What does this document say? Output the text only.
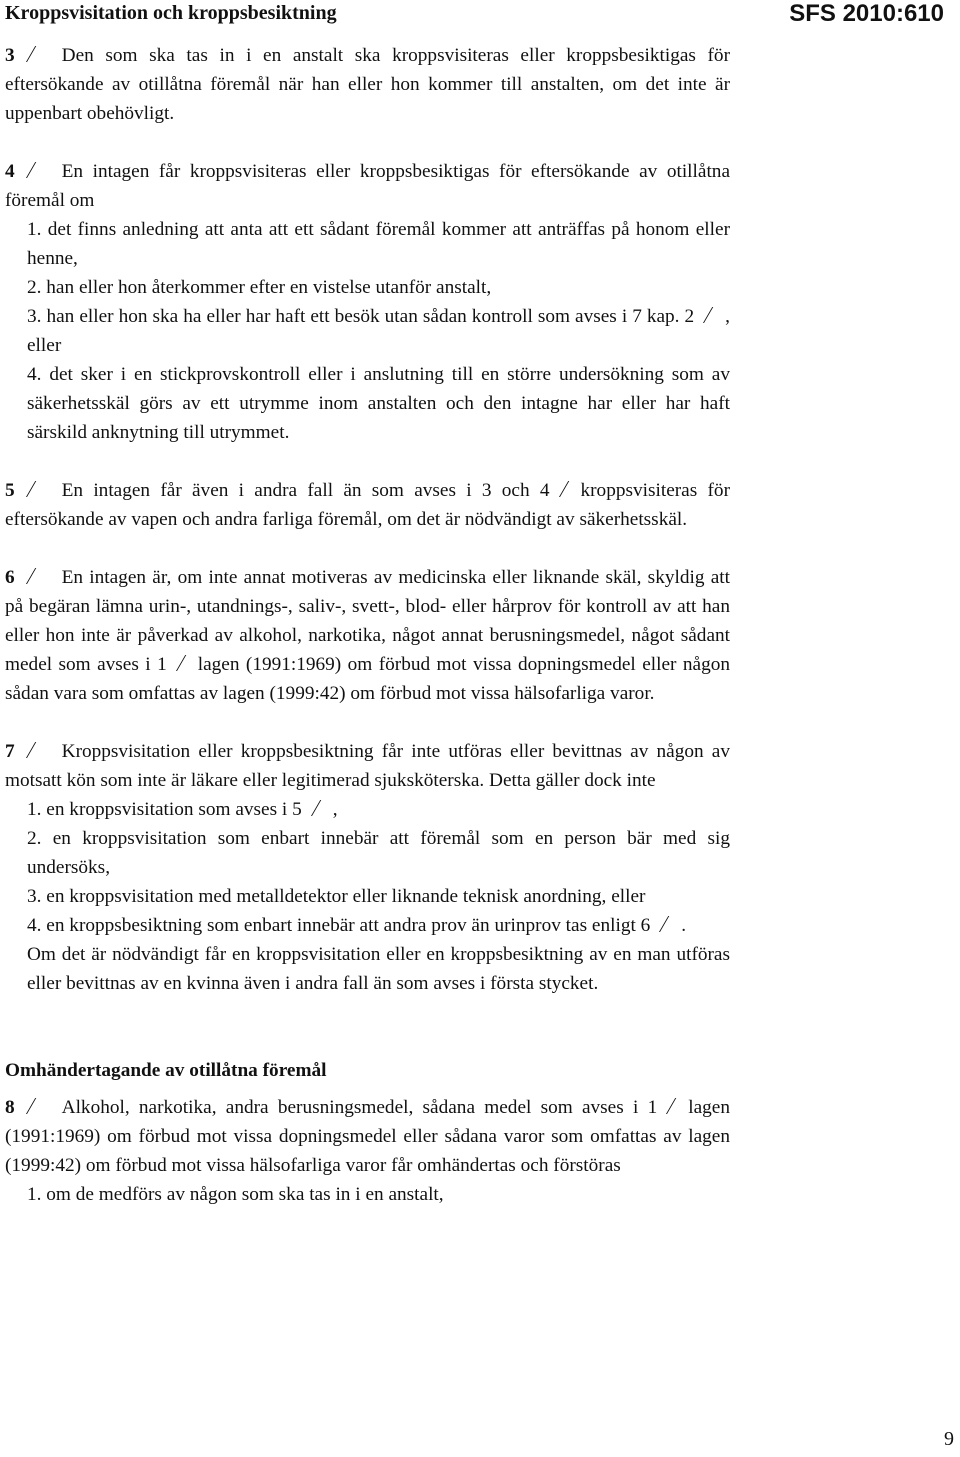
Kroppsvisitation och kroppsbesiktning	SFS 2010:610

3 Den som ska tas in i en anstalt ska kroppsvisiteras eller kroppsbesiktigas för eftersökande av otillåtna föremål när han eller hon kommer till anstalten, om det inte är uppenbart obehövligt.

4 En intagen får kroppsvisiteras eller kroppsbesiktigas för eftersökande av otillåtna föremål om

1. det finns anledning att anta att ett sådant föremål kommer att anträffas på honom eller henne,

2. han eller hon återkommer efter en vistelse utanför anstalt,

3. han eller hon ska ha eller har haft ett besök utan sådan kontroll som avses i 7 kap. 2 , eller

4. det sker i en stickprovskontroll eller i anslutning till en större undersökning som av säkerhetsskäl görs av ett utrymme inom anstalten och den intagne har eller har haft särskild anknytning till utrymmet.

5 En intagen får även i andra fall än som avses i 3 och 4 kroppsvisiteras för eftersökande av vapen och andra farliga föremål, om det är nödvändigt av säkerhetsskäl.

6 En intagen är, om inte annat motiveras av medicinska eller liknande skäl, skyldig att på begäran lämna urin-, utandnings-, saliv-, svett-, blod- eller hårprov för kontroll av att han eller hon inte är påverkad av alkohol, narkotika, något annat berusningsmedel, något sådant medel som avses i 1 lagen (1991:1969) om förbud mot vissa dopningsmedel eller någon sådan vara som omfattas av lagen (1999:42) om förbud mot vissa hälsofarliga varor.

7 Kroppsvisitation eller kroppsbesiktning får inte utföras eller bevittnas av någon av motsatt kön som inte är läkare eller legitimerad sjuksköterska. Detta gäller dock inte

1. en kroppsvisitation som avses i 5 ,

2. en kroppsvisitation som enbart innebär att föremål som en person bär med sig undersöks,

3. en kroppsvisitation med metalldetektor eller liknande teknisk anordning, eller

4. en kroppsbesiktning som enbart innebär att andra prov än urinprov tas enligt 6 .

Om det är nödvändigt får en kroppsvisitation eller en kroppsbesiktning av en man utföras eller bevittnas av en kvinna även i andra fall än som avses i första stycket.

Omhändertagande av otillåtna föremål

8 Alkohol, narkotika, andra berusningsmedel, sådana medel som avses i 1 lagen (1991:1969) om förbud mot vissa dopningsmedel eller sådana varor som omfattas av lagen (1999:42) om förbud mot vissa hälsofarliga varor får omhändertas och förstöras

1. om de medförs av någon som ska tas in i en anstalt,

9
